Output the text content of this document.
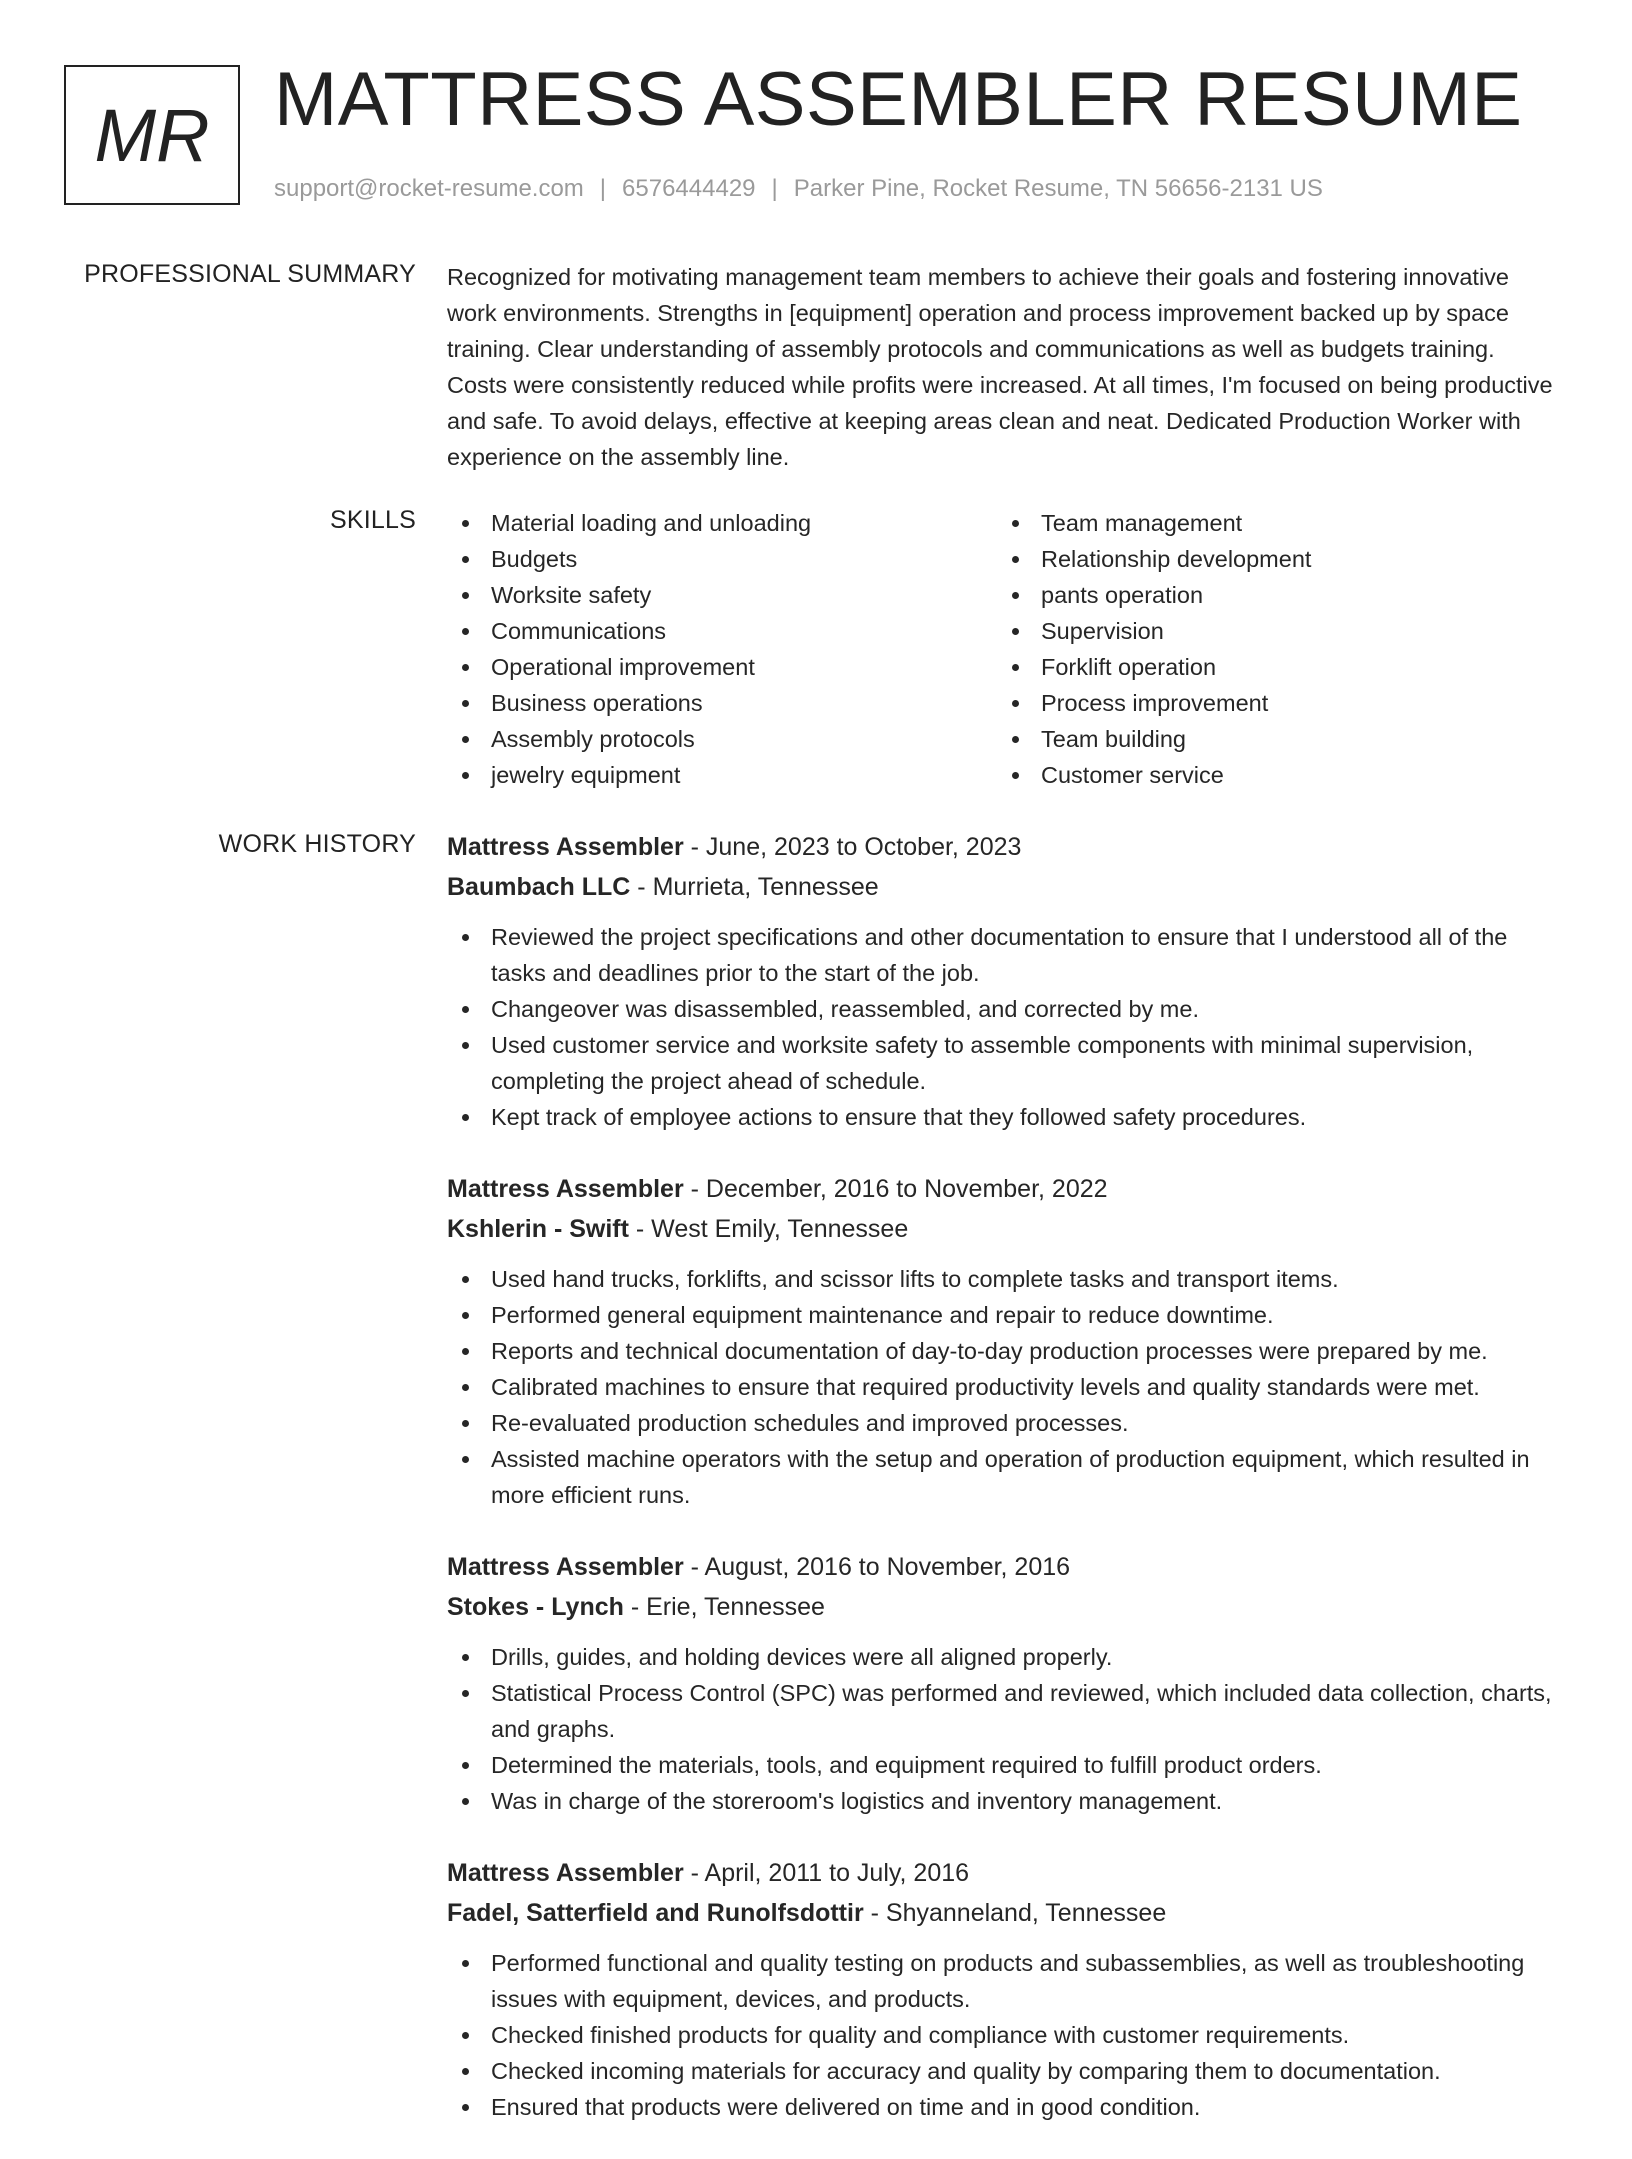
MR MATTRESS ASSEMBLER RESUME
support@rocket-resume.com | 6576444429 | Parker Pine, Rocket Resume, TN 56656-2131 US
PROFESSIONAL SUMMARY Recognized for motivating management team members to achieve their goals and fostering innovative work environments. Strengths in [equipment] operation and process improvement backed up by space training. Clear understanding of assembly protocols and communications as well as budgets training. Costs were consistently reduced while profits were increased. At all times, I'm focused on being productive and safe. To avoid delays, effective at keeping areas clean and neat. Dedicated Production Worker with experience on the assembly line.

SKILLS	Material loading and unloading
Budgets
Worksite safety
Communications
Operational improvement
Business operations
Assembly protocols
jewelry equipment
Team management
Relationship development
pants operation
Supervision
Forklift operation
Process improvement
Team building
Customer service
WORK HISTORY Mattress Assembler - June, 2023 to October, 2023
Baumbach LLC - Murrieta, Tennessee
Reviewed the project specifications and other documentation to ensure that I understood all of the tasks and deadlines prior to the start of the job.
Changeover was disassembled, reassembled, and corrected by me.
Used customer service and worksite safety to assemble components with minimal supervision, completing the project ahead of schedule.
Kept track of employee actions to ensure that they followed safety procedures.
Mattress Assembler - December, 2016 to November, 2022
Kshlerin - Swift - West Emily, Tennessee
Used hand trucks, forklifts, and scissor lifts to complete tasks and transport items.
Performed general equipment maintenance and repair to reduce downtime.
Reports and technical documentation of day-to-day production processes were prepared by me.
Calibrated machines to ensure that required productivity levels and quality standards were met.
Re-evaluated production schedules and improved processes.
Assisted machine operators with the setup and operation of production equipment, which resulted in more efficient runs.
Mattress Assembler - August, 2016 to November, 2016
Stokes - Lynch - Erie, Tennessee
Drills, guides, and holding devices were all aligned properly.
Statistical Process Control (SPC) was performed and reviewed, which included data collection, charts, and graphs.
Determined the materials, tools, and equipment required to fulfill product orders.
Was in charge of the storeroom's logistics and inventory management.
Mattress Assembler - April, 2011 to July, 2016
Fadel, Satterfield and Runolfsdottir - Shyanneland, Tennessee
Performed functional and quality testing on products and subassemblies, as well as troubleshooting issues with equipment, devices, and products.
Checked finished products for quality and compliance with customer requirements.
Checked incoming materials for accuracy and quality by comparing them to documentation.
Ensured that products were delivered on time and in good condition.
